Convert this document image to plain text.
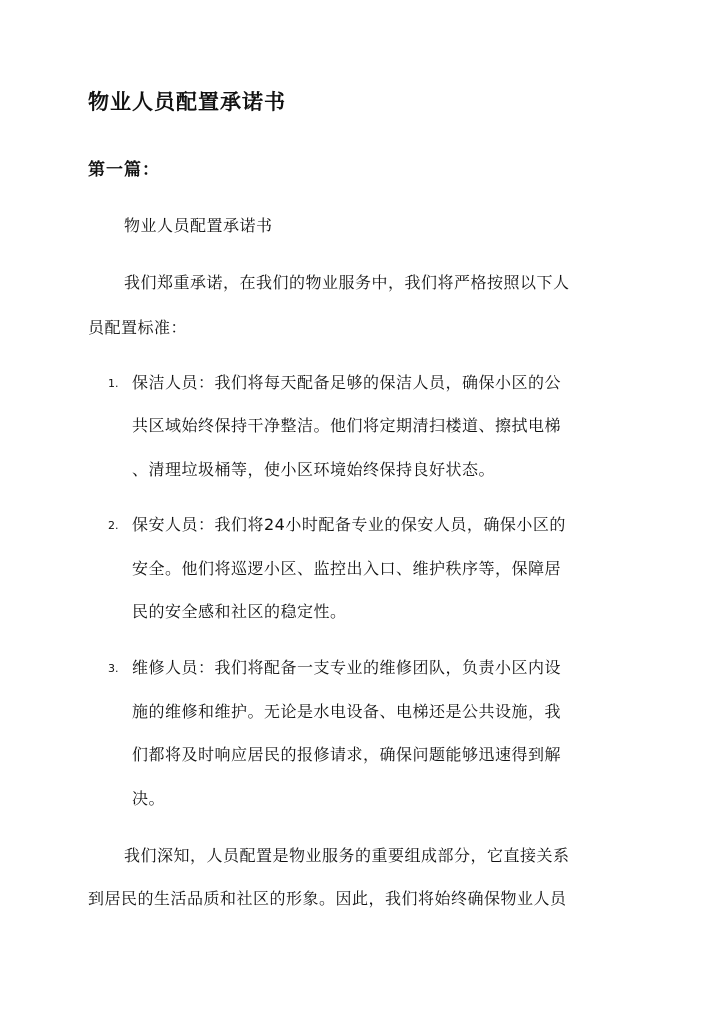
物业人员配置承诺书
第一篇：
物业人员配置承诺书
我们郑重承诺，在我们的物业服务中，我们将严格按照以下人
员配置标准：
1. 保洁人员：我们将每天配备足够的保洁人员，确保小区的公
共区域始终保持干净整洁。他们将定期清扫楼道、擦拭电梯
、清理垃圾桶等，使小区环境始终保持良好状态。
2. 保安人员：我们将24小时配备专业的保安人员，确保小区的
安全。他们将巡逻小区、监控出入口、维护秩序等，保障居
民的安全感和社区的稳定性。
3. 维修人员：我们将配备一支专业的维修团队，负责小区内设
施的维修和维护。无论是水电设备、电梯还是公共设施，我
们都将及时响应居民的报修请求，确保问题能够迅速得到解
决。
我们深知，人员配置是物业服务的重要组成部分，它直接关系
到居民的生活品质和社区的形象。因此，我们将始终确保物业人员
